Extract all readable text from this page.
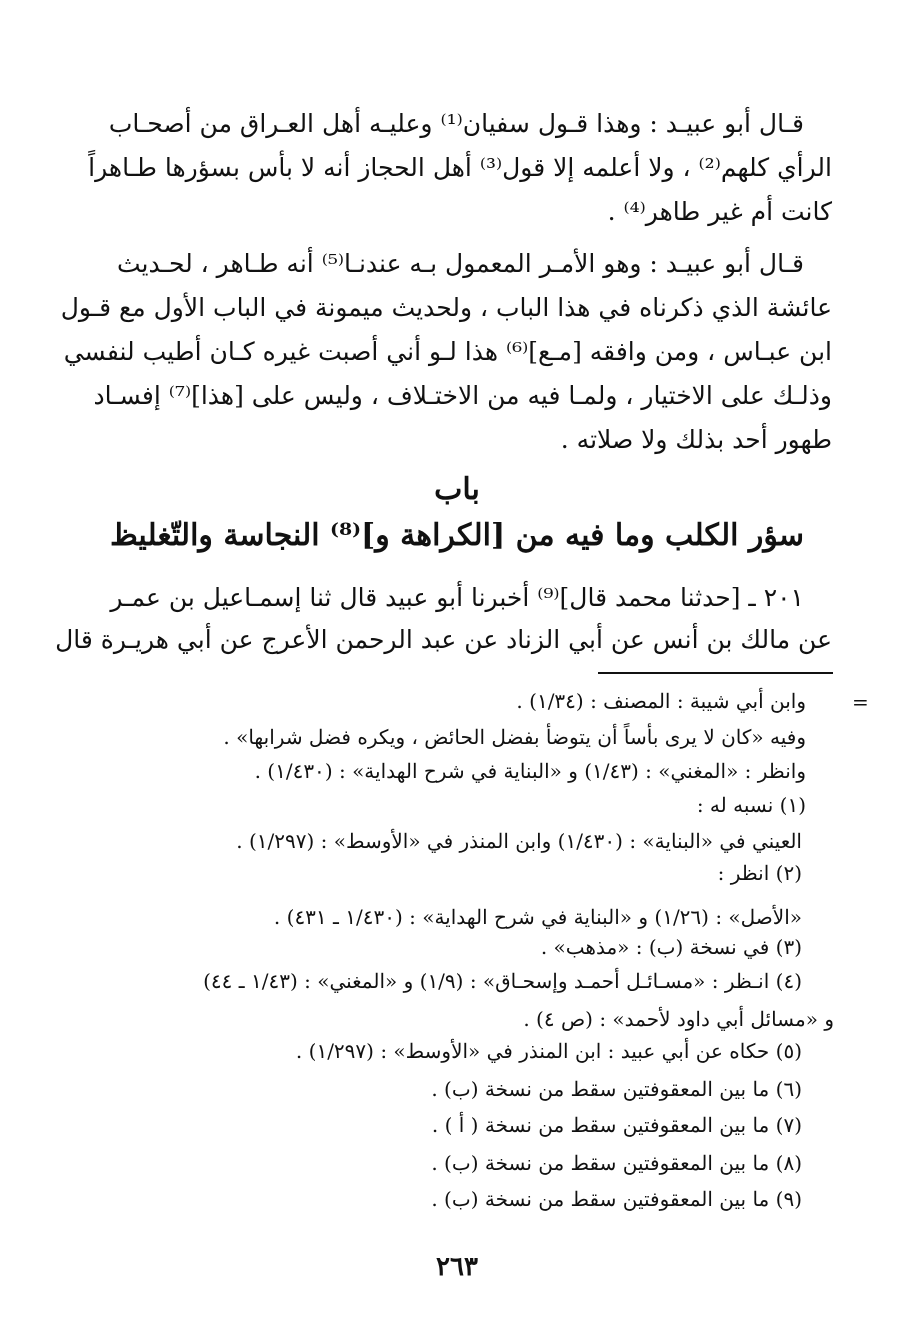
قـال أبو عبيـد : وهذا قـول سفيان⁽¹⁾ وعليـه أهل العـراق من أصحـاب
الرأي كلهم⁽²⁾ ، ولا أعلمه إلا قول⁽³⁾ أهل الحجاز أنه لا بأس بسؤرها طـاهراً
كانت أم غير طاهر⁽⁴⁾ .
قـال أبو عبيـد : وهو الأمـر المعمول بـه عندنـا⁽⁵⁾ أنه طـاهر ، لحـديث
عائشة الذي ذكرناه في هذا الباب ، ولحديث ميمونة في الباب الأول مع قـول
ابن عبـاس ، ومن وافقه [مـع]⁽⁶⁾ هذا لـو أني أصبت غيره كـان أطيب لنفسي
وذلـك على الاختيار ، ولمـا فيه من الاختـلاف ، وليس على [هذا]⁽⁷⁾ إفسـاد
طهور أحد بذلك ولا صلاته .
باب
سؤر الكلب وما فيه من [الكراهة و]⁽⁸⁾ النجاسة والتّغليظ
٢٠١ ـ [حدثنا محمد قال]⁽⁹⁾ أخبرنا أبو عبيد قال ثنا إسمـاعيل بن عمـر
عن مالك بن أنس عن أبي الزناد عن عبد الرحمن الأعرج عن أبي هريـرة قال
=
وابن أبي شيبة : المصنف : (١/٣٤) .
وفيه «كان لا يرى بأساً أن يتوضأ بفضل الحائض ، ويكره فضل شرابها» .
وانظر : «المغني» : (١/٤٣) و «البناية في شرح الهداية» : (١/٤٣٠) .
(١) نسبه له :
العيني في «البناية» : (١/٤٣٠) وابن المنذر في «الأوسط» : (١/٢٩٧) .
(٢) انظر :
«الأصل» : (١/٢٦) و «البناية في شرح الهداية» : (١/٤٣٠ ـ ٤٣١) .
(٣) في نسخة (ب) : «مذهب» .
(٤) انـظر : «مسـائـل أحمـد وإسحـاق» : (١/٩) و «المغني» : (١/٤٣ ـ ٤٤)
و «مسائل أبي داود لأحمد» : (ص ٤) .
(٥) حكاه عن أبي عبيد : ابن المنذر في «الأوسط» : (١/٢٩٧) .
(٦) ما بين المعقوفتين سقط من نسخة (ب) .
(٧) ما بين المعقوفتين سقط من نسخة ( أ ) .
(٨) ما بين المعقوفتين سقط من نسخة (ب) .
(٩) ما بين المعقوفتين سقط من نسخة (ب) .
٢٦٣
